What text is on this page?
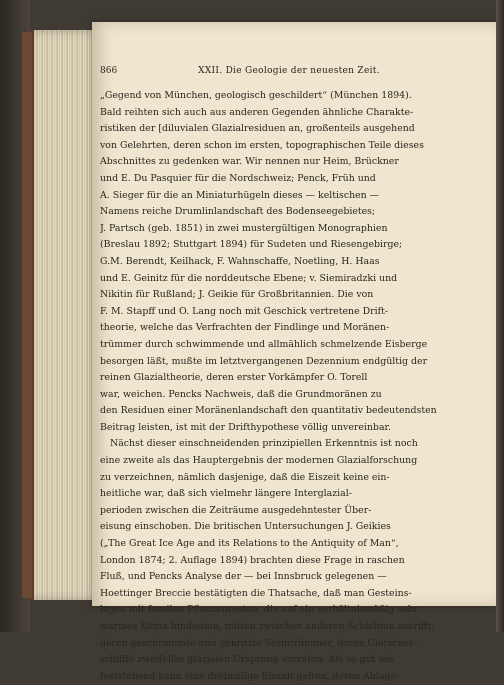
866	XXII. Die Geologie der neuesten Zeit.
„Gegend von München, geologisch geschildert“ (München 1894).
Bald reihten sich auch aus anderen Gegenden ähnliche Charakte-
ristiken der [diluvialen Glazialresiduen an, großenteils ausgehend
von Gelehrten, deren schon im ersten, topographischen Teile dieses
Abschnittes zu gedenken war. Wir nennen nur Heim, Brückner
und E. Du Pasquier für die Nordschweiz; Penck, Früh und
A. Sieger für die an Miniaturhügeln dieses — keltischen —
Namens reiche Drumlinlandschaft des Bodenseegebietes;
J. Partsch (geb. 1851) in zwei mustergültigen Monographien
(Breslau 1892; Stuttgart 1894) für Sudeten und Riesengebirge;
G.M. Berendt, Keilhack, F. Wahnschaffe, Noetling, H. Haas
und E. Geinitz für die norddeutsche Ebene; v. Siemiradzki und
Nikitin für Rußland; J. Geikie für Großbritannien. Die von
F. M. Stapff und O. Lang noch mit Geschick vertretene Drift-
theorie, welche das Verfrachten der Findlinge und Moränen-
trümmer durch schwimmende und allmählich schmelzende Eisberge
besorgen läßt, mußte im letztvergangenen Dezennium endgültig der
reinen Glazialtheorie, deren erster Vorkämpfer O. Torell
war, weichen. Pencks Nachweis, daß die Grundmoränen zu
den Residuen einer Moränenlandschaft den quantitativ bedeutendsten
Beitrag leisten, ist mit der Drifthypothese völlig unvereinbar.
Nächst dieser einschneidenden prinzipiellen Erkenntnis ist noch
eine zweite als das Hauptergebnis der modernen Glazialforschung
zu verzeichnen, nämlich dasjenige, daß die Eiszeit keine ein-
heitliche war, daß sich vielmehr längere Interglazial-
perioden zwischen die Zeiträume ausgedehntester Über-
eisung einschoben. Die britischen Untersuchungen J. Geikies
(„The Great Ice Age and its Relations to the Antiquity of Man“,
London 1874; 2. Auflage 1894) brachten diese Frage in raschen
Fluß, und Pencks Analyse der — bei Innsbruck gelegenen —
Hoettinger Breccie bestätigten die Thatsache, daß man Gesteins-
lagen mit fossilen Pflanzenresten, die auf ein verhältnismäßig sehr
warmes Klima hindeuten, mitten zwischen anderen Schichten antrifft,
deren geschrammte und gekritzte Steintrümmer, deren Gletscher-
schliffe zweifellos glazialen Ursprung verraten. Als so gut wie
feststehend kann eine dreimalige Eiszeit gelten, deren Ablage-
